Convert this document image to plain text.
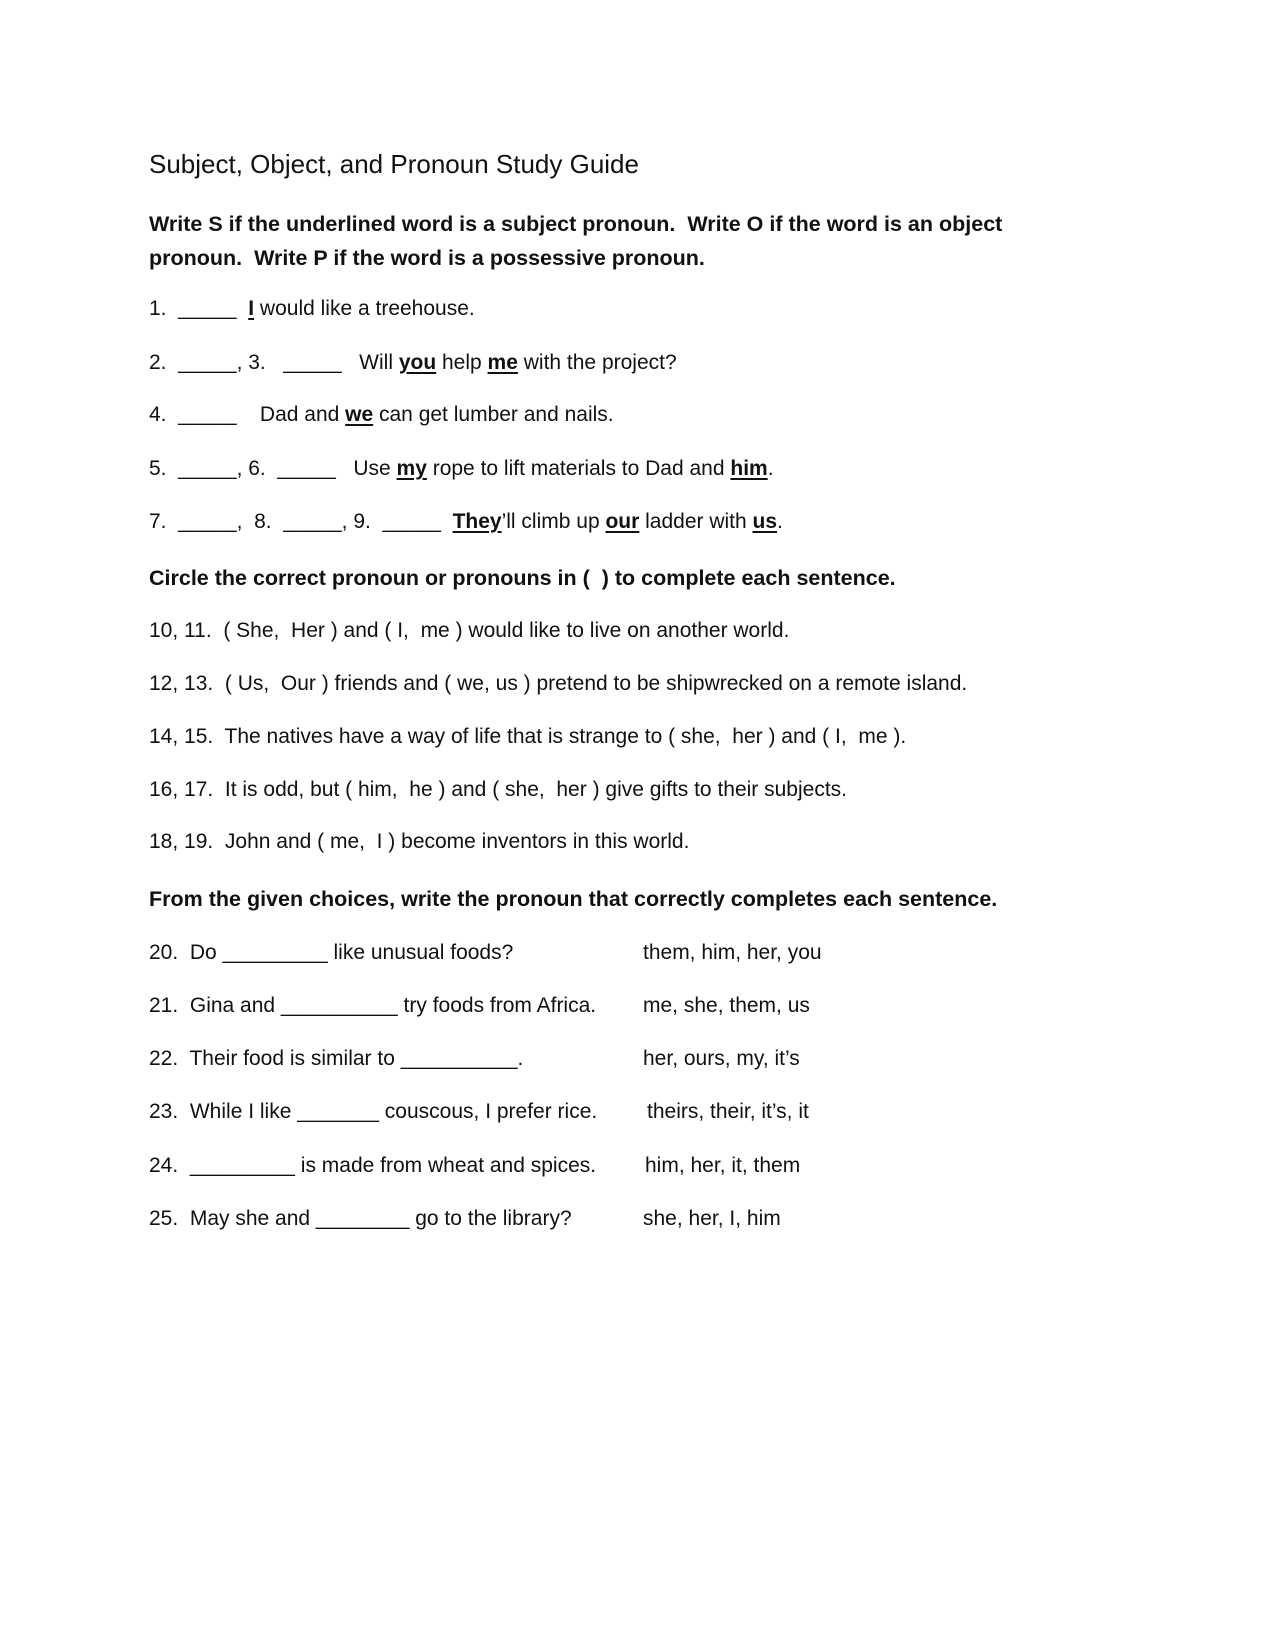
Subject, Object, and Pronoun Study Guide
Write S if the underlined word is a subject pronoun.  Write O if the word is an object
pronoun.  Write P if the word is a possessive pronoun.
1.  _____  I would like a treehouse.
2.  _____, 3.   _____   Will you help me with the project?
4.  _____    Dad and we can get lumber and nails.
5.  _____, 6.  _____   Use my rope to lift materials to Dad and him.
7.  _____,  8.  _____, 9.  _____  They’ll climb up our ladder with us.
Circle the correct pronoun or pronouns in (  ) to complete each sentence.
10, 11.  ( She,  Her ) and ( I,  me ) would like to live on another world.
12, 13.  ( Us,  Our ) friends and ( we, us ) pretend to be shipwrecked on a remote island.
14, 15.  The natives have a way of life that is strange to ( she,  her ) and ( I,  me ).
16, 17.  It is odd, but ( him,  he ) and ( she,  her ) give gifts to their subjects.
18, 19.  John and ( me,  I ) become inventors in this world.
From the given choices, write the pronoun that correctly completes each sentence.
20.  Do _________ like unusual foods?	them, him, her, you
21.  Gina and __________ try foods from Africa. me, she, them, us
22.  Their food is similar to __________.	her, ours, my, it’s
23.  While I like _______ couscous, I prefer rice. theirs, their, it’s, it
24.  _________ is made from wheat and spices. him, her, it, them
25.  May she and ________ go to the library?	she, her, I, him
